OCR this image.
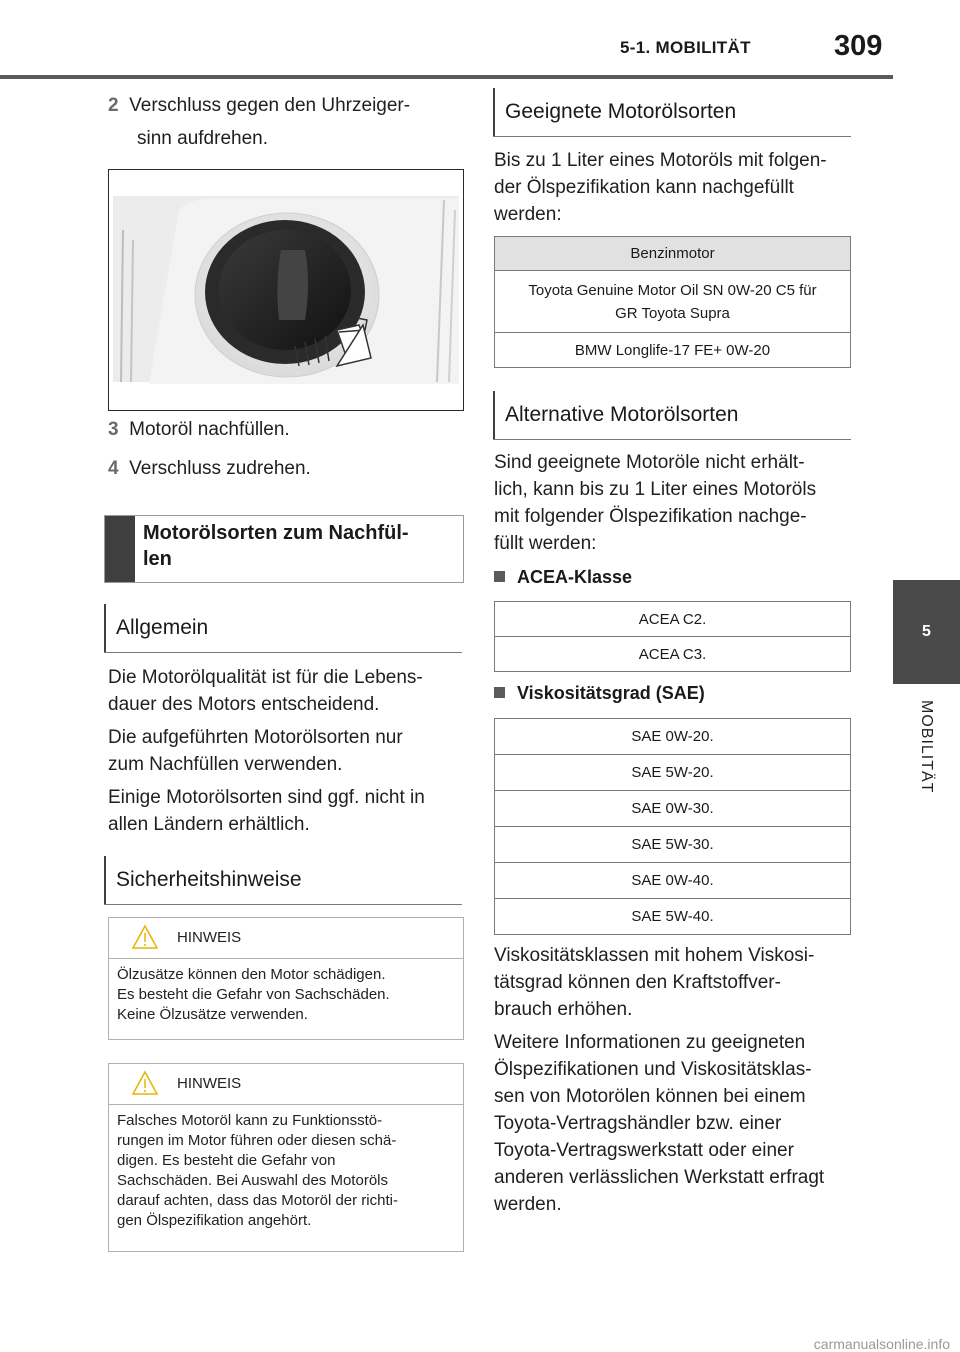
5-1. MOBILITÄT	309
5
MOBILITÄT
2 Verschluss gegen den Uhrzeiger-
sinn aufdrehen.
3 Motoröl nachfüllen.
4 Verschluss zudrehen.
Motorölsorten zum Nachfül-
len
Allgemein
Die Motorölqualität ist für die Lebens-
dauer des Motors entscheidend.
Die aufgeführten Motorölsorten nur
zum Nachfüllen verwenden.
Einige Motorölsorten sind ggf. nicht in
allen Ländern erhältlich.
Sicherheitshinweise
HINWEIS
Ölzusätze können den Motor schädigen.
Es besteht die Gefahr von Sachschäden.
Keine Ölzusätze verwenden.
HINWEIS
Falsches Motoröl kann zu Funktionsstö-
rungen im Motor führen oder diesen schä-
digen. Es besteht die Gefahr von
Sachschäden. Bei Auswahl des Motoröls
darauf achten, dass das Motoröl der richti-
gen Ölspezifikation angehört.
Geeignete Motorölsorten
Bis zu 1 Liter eines Motoröls mit folgen-
der Ölspezifikation kann nachgefüllt
werden:
Benzinmotor

Toyota Genuine Motor Oil SN 0W-20 C5 für
GR Toyota Supra

BMW Longlife-17 FE+ 0W-20
Alternative Motorölsorten
Sind geeignete Motoröle nicht erhält-
lich, kann bis zu 1 Liter eines Motoröls
mit folgender Ölspezifikation nachge-
füllt werden:
ACEA-Klasse
ACEA C2.
ACEA C3.
Viskositätsgrad (SAE)
SAE 0W-20.
SAE 5W-20.
SAE 0W-30.
SAE 5W-30.
SAE 0W-40.
SAE 5W-40.
Viskositätsklassen mit hohem Viskosi-
tätsgrad können den Kraftstoffver-
brauch erhöhen.
Weitere Informationen zu geeigneten
Ölspezifikationen und Viskositätsklas-
sen von Motorölen können bei einem
Toyota-Vertragshändler bzw. einer
Toyota-Vertragswerkstatt oder einer
anderen verlässlichen Werkstatt erfragt
werden.
carmanualsonline.info
